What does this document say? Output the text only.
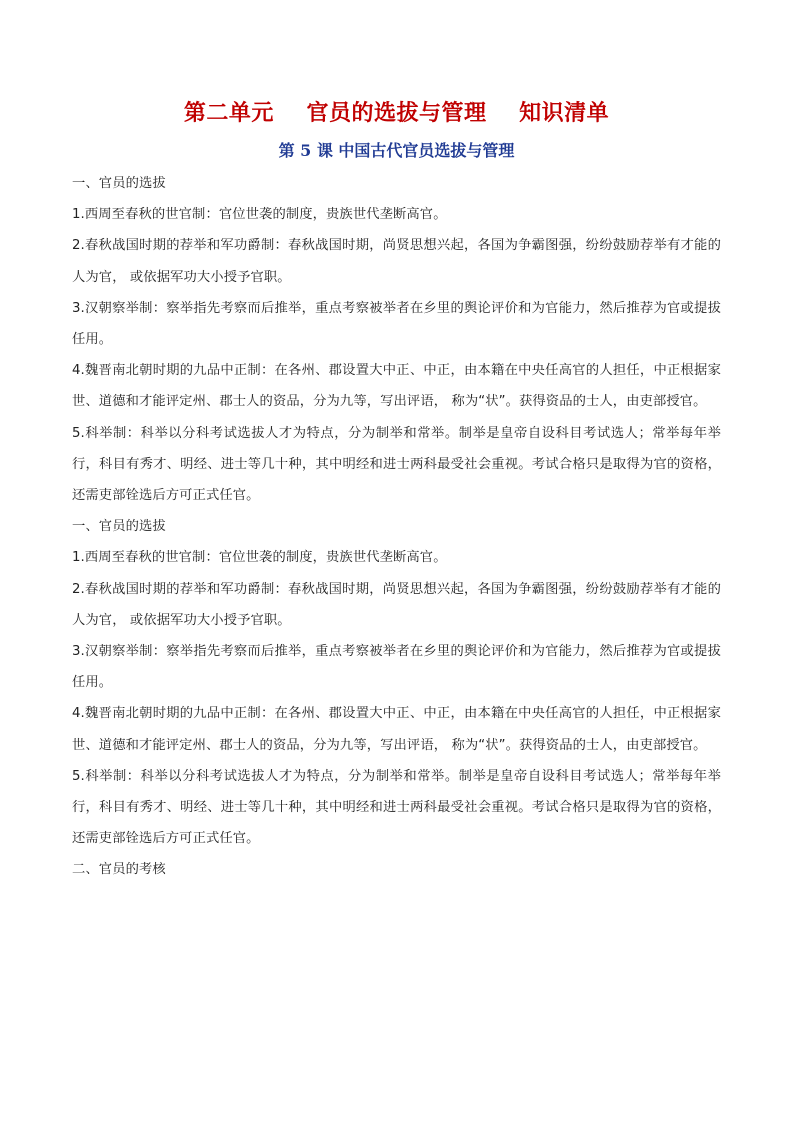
第二单元    官员的选拔与管理    知识清单
第 5 课 中国古代官员选拔与管理

一、官员的选拔

1.西周至春秋的世官制：官位世袭的制度，贵族世代垄断高官。

2.春秋战国时期的荐举和军功爵制：春秋战国时期，尚贤思想兴起，各国为争霸图强，纷纷鼓励荐举有才能的人为官， 或依据军功大小授予官职。

3.汉朝察举制：察举指先考察而后推举，重点考察被举者在乡里的舆论评价和为官能力，然后推荐为官或提拔任用。

4.魏晋南北朝时期的九品中正制：在各州、郡设置大中正、中正，由本籍在中央任高官的人担任，中正根据家世、道德和才能评定州、郡士人的资品，分为九等，写出评语， 称为“状”。获得资品的士人，由吏部授官。

5.科举制：科举以分科考试选拔人才为特点，分为制举和常举。制举是皇帝自设科目考试选人；常举每年举行，科目有秀才、明经、进士等几十种，其中明经和进士两科最受社会重视。考试合格只是取得为官的资格，还需吏部铨选后方可正式任官。

一、官员的选拔

1.西周至春秋的世官制：官位世袭的制度，贵族世代垄断高官。

2.春秋战国时期的荐举和军功爵制：春秋战国时期，尚贤思想兴起，各国为争霸图强，纷纷鼓励荐举有才能的人为官， 或依据军功大小授予官职。

3.汉朝察举制：察举指先考察而后推举，重点考察被举者在乡里的舆论评价和为官能力，然后推荐为官或提拔任用。

4.魏晋南北朝时期的九品中正制：在各州、郡设置大中正、中正，由本籍在中央任高官的人担任，中正根据家世、道德和才能评定州、郡士人的资品，分为九等，写出评语， 称为“状”。获得资品的士人，由吏部授官。

5.科举制：科举以分科考试选拔人才为特点，分为制举和常举。制举是皇帝自设科目考试选人；常举每年举行，科目有秀才、明经、进士等几十种，其中明经和进士两科最受社会重视。考试合格只是取得为官的资格，还需吏部铨选后方可正式任官。

二、官员的考核
